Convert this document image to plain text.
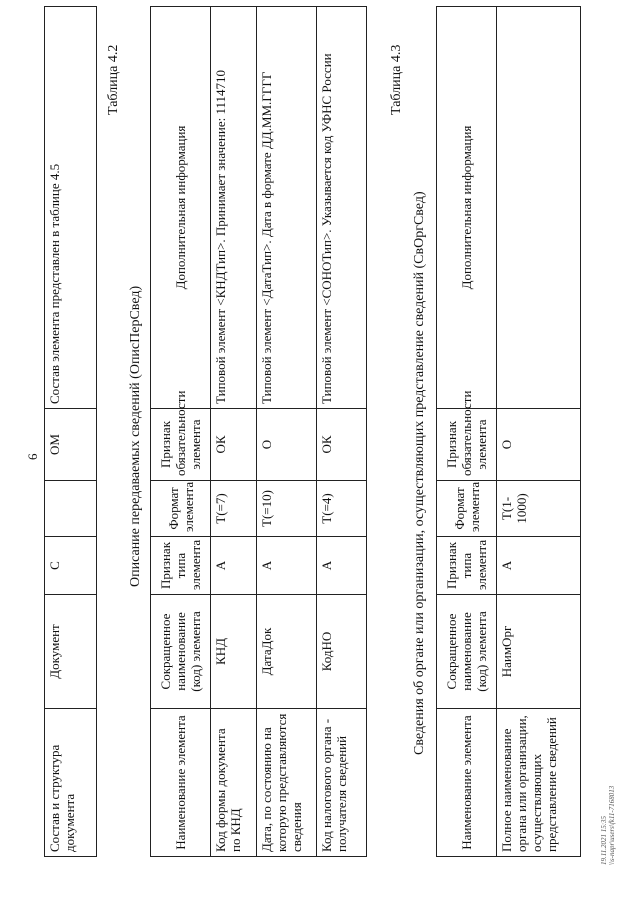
6
Состав и структура документа	Документ	С		ОМ	Состав элемента представлен в таблице 4.5
Таблица 4.2
Описание передаваемых сведений (ОписПерСвед)
Наименование элемента	Сокращенное наименование (код) элемента	Признак типа элемента	Формат элемента	Признак обязательности элемента	Дополнительная информация
Код формы документа по КНД	КНД	А	Т(=7)	ОК	Типовой элемент <КНДТип>. Принимает значение: 1114710
Дата, по состоянию на которую представляются сведения	ДатаДок	А	Т(=10)	О	Типовой элемент <ДатаТип>. Дата в формате ДД.ММ.ГГГГ
Код налогового органа - получателя сведений	КодНО	А	Т(=4)	ОК	Типовой элемент <СОНОТип>. Указывается код УФНС России	Таблица 4.3
Сведения об органе или организации, осуществляющих представление сведений (СвОргСвед)
Наименование элемента	Сокращенное наименование (код) элемента	Признак типа элемента	Формат элемента	Признак обязательности элемента	Дополнительная информация
Полное наименование органа или организации, осуществляющих представление сведений	НаимОрг	А	Т(1-1000)	О	
19.11.2021 15:35 \\s-napr\users\fk11-7168013
